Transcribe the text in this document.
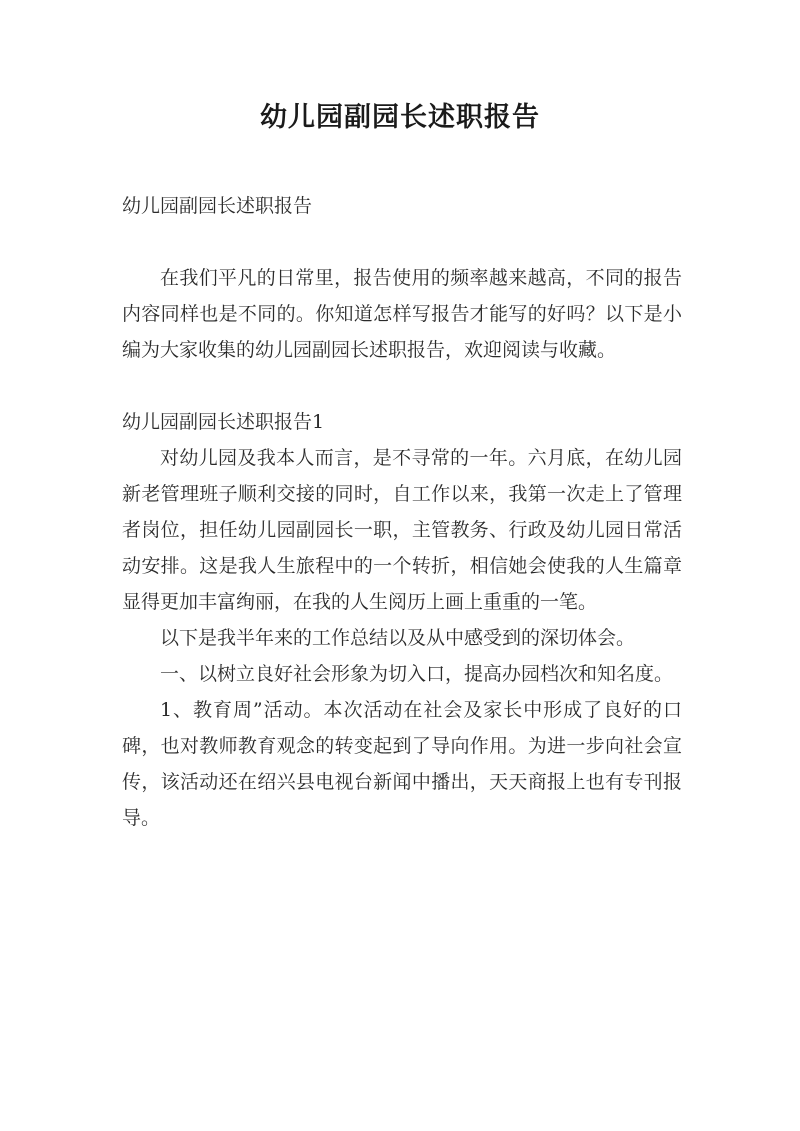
幼儿园副园长述职报告

幼儿园副园长述职报告

在我们平凡的日常里，报告使用的频率越来越高，不同的报告内容同样也是不同的。你知道怎样写报告才能写的好吗？以下是小编为大家收集的幼儿园副园长述职报告，欢迎阅读与收藏。

幼儿园副园长述职报告1

对幼儿园及我本人而言，是不寻常的一年。六月底，在幼儿园新老管理班子顺利交接的同时，自工作以来，我第一次走上了管理者岗位，担任幼儿园副园长一职，主管教务、行政及幼儿园日常活动安排。这是我人生旅程中的一个转折，相信她会使我的人生篇章显得更加丰富绚丽，在我的人生阅历上画上重重的一笔。

以下是我半年来的工作总结以及从中感受到的深切体会。

一、以树立良好社会形象为切入口，提高办园档次和知名度。

1、教育周”活动。本次活动在社会及家长中形成了良好的口碑，也对教师教育观念的转变起到了导向作用。为进一步向社会宣传，该活动还在绍兴县电视台新闻中播出，天天商报上也有专刊报导。
